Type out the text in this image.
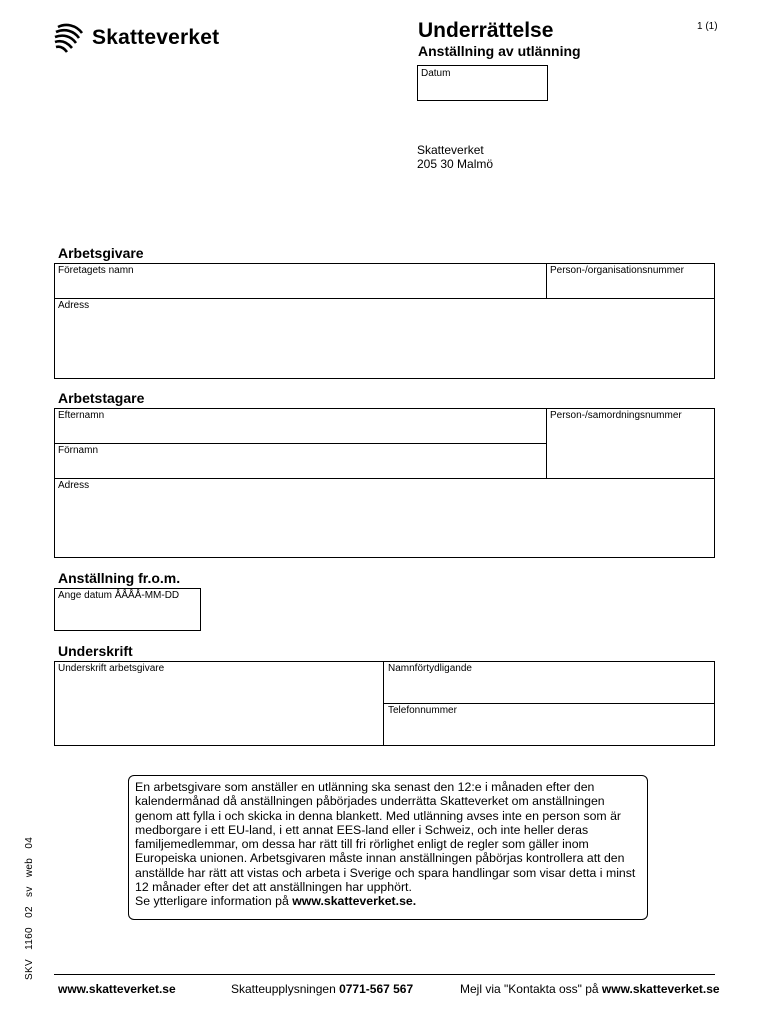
Skatteverket	Underrättelse
Anställning av utlänning
1 (1)
Datum
Skatteverket
205 30 Malmö
Arbetsgivare
Företagets namn	Person-/organisationsnummer
Adress
Arbetstagare
Efternamn	Person-/samordningsnummer
Förnamn
Adress
Anställning fr.o.m.
Ange datum ÅÅÅÅ-MM-DD
Underskrift
Underskrift arbetsgivare	Namnförtydligande
Telefonnummer
En arbetsgivare som anställer en utlänning ska senast den 12:e i månaden efter den kalendermånad då anställningen påbörjades underrätta Skatteverket om anställningen genom att fylla i och skicka in denna blankett. Med utlänning avses inte en person som är medborgare i ett EU-land, i ett annat EES-land eller i Schweiz, och inte heller deras familjemedlemmar, om dessa har rätt till fri rörlighet enligt de regler som gäller inom Europeiska unionen. Arbetsgivaren måste innan anställningen påbörjas kontrollera att den anställde har rätt att vistas och arbeta i Sverige och spara handlingar som visar detta i minst 12 månader efter det att anställningen har upphört.
Se ytterligare information på www.skatteverket.se.
SKV   1160   02   sv   web   04
www.skatteverket.se	Skatteupplysningen 0771-567 567	Mejl via "Kontakta oss" på www.skatteverket.se
